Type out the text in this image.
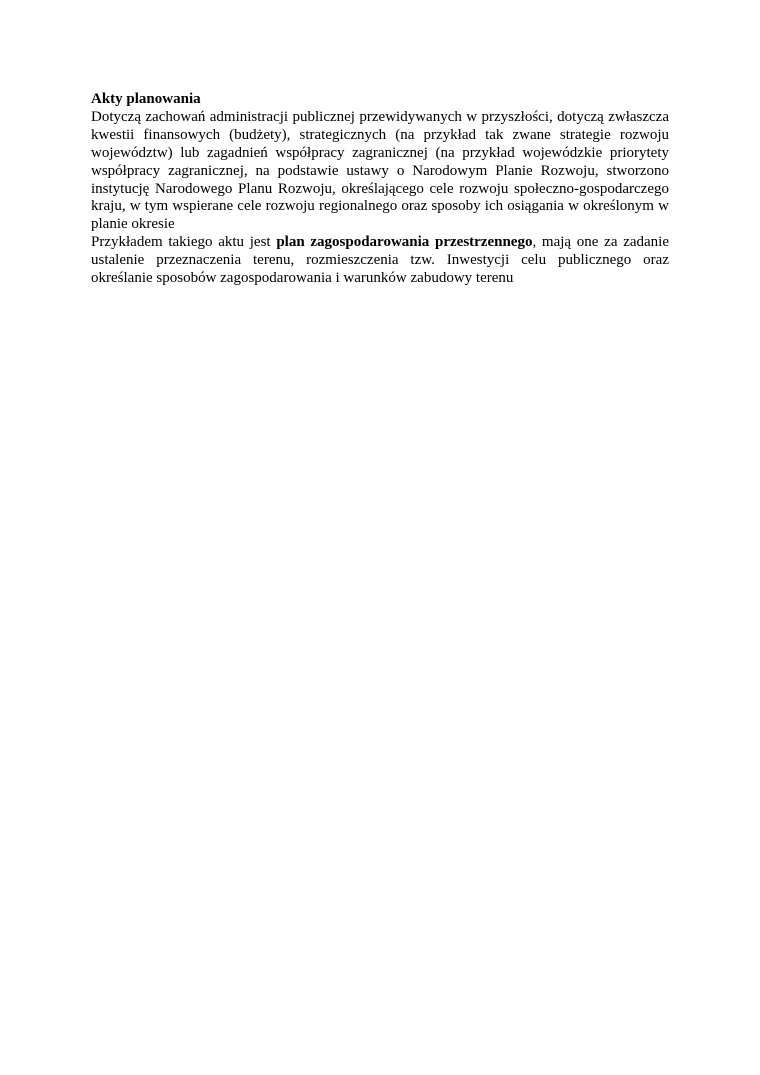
Akty planowania

Dotyczą zachowań administracji publicznej przewidywanych w przyszłości, dotyczą zwłaszcza kwestii finansowych (budżety), strategicznych (na przykład tak zwane strategie rozwoju województw) lub zagadnień współpracy zagranicznej (na przykład wojewódzkie priorytety współpracy zagranicznej, na podstawie ustawy o Narodowym Planie Rozwoju, stworzono instytucję Narodowego Planu Rozwoju, określającego cele rozwoju społeczno-gospodarczego kraju, w tym wspierane cele rozwoju regionalnego oraz sposoby ich osiągania w określonym w planie okresie

Przykładem takiego aktu jest plan zagospodarowania przestrzennego, mają one za zadanie ustalenie przeznaczenia terenu, rozmieszczenia tzw. Inwestycji celu publicznego oraz określanie sposobów zagospodarowania i warunków zabudowy terenu
